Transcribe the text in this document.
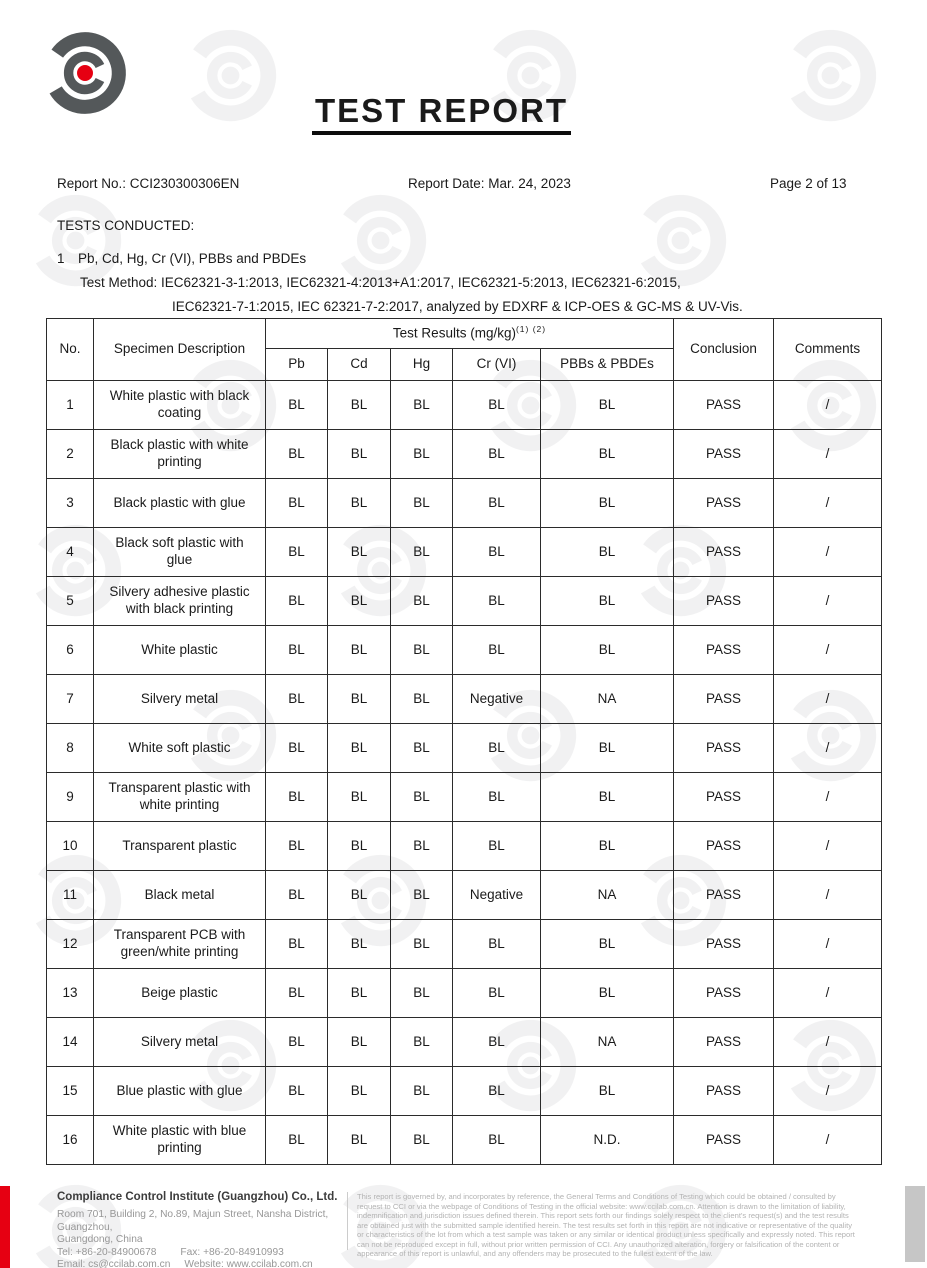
TEST REPORT
Report No.: CCI230300306EN	Report Date: Mar. 24, 2023	Page 2 of 13
TESTS CONDUCTED:
1 Pb, Cd, Hg, Cr (VI), PBBs and PBDEs
Test Method: IEC62321-3-1:2013, IEC62321-4:2013+A1:2017, IEC62321-5:2013, IEC62321-6:2015,
IEC62321-7-1:2015, IEC 62321-7-2:2017, analyzed by EDXRF & ICP-OES & GC-MS & UV-Vis.
No.	Specimen Description	Test Results $(mg/kg)^{(1) (2)}$					Conclusion	Comments
		Pb	Cd	Hg	Cr (VI)	PBBs & PBDEs		
1	White plastic with black coating	BL	BL	BL	BL	BL	PASS	/
2	Black plastic with white printing	BL	BL	BL	BL	BL	PASS	/
3	Black plastic with glue	BL	BL	BL	BL	BL	PASS	/
4	Black soft plastic with glue	BL	BL	BL	BL	BL	PASS	/
5	Silvery adhesive plastic with black printing	BL	BL	BL	BL	BL	PASS	/
6	White plastic	BL	BL	BL	BL	BL	PASS	/
7	Silvery metal	BL	BL	BL	Negative	NA	PASS	/
8	White soft plastic	BL	BL	BL	BL	BL	PASS	/
9	Transparent plastic with white printing	BL	BL	BL	BL	BL	PASS	/
10	Transparent plastic	BL	BL	BL	BL	BL	PASS	/
11	Black metal	BL	BL	BL	Negative	NA	PASS	/
12	Transparent PCB with green/white printing	BL	BL	BL	BL	BL	PASS	/
13	Beige plastic	BL	BL	BL	BL	BL	PASS	/
14	Silvery metal	BL	BL	BL	BL	NA	PASS	/
15	Blue plastic with glue	BL	BL	BL	BL	BL	PASS	/
16	White plastic with blue printing	BL	BL	BL	BL	N.D.	PASS	/
Compliance Control Institute (Guangzhou) Co., Ltd.
Room 701, Building 2, No.89, Majun Street, Nansha District, Guangzhou,
Guangdong, China
Tel: +86-20-84900678 Fax: +86-20-84910993
Email: cs@ccilab.com.cn Website: www.ccilab.com.cn
This report is governed by, and incorporates by reference, the General Terms and Conditions of Testing which could be obtained / consulted by request to CCI or via the webpage of Conditions of Testing in the official website: www.ccilab.com.cn. Attention is drawn to the limitation of liability, indemnification and jurisdiction issues defined therein. This report sets forth our findings solely respect to the client's request(s) and the test results are obtained just with the submitted sample identified herein. The test results set forth in this report are not indicative or representative of the quality or characteristics of the lot from which a test sample was taken or any similar or identical product unless specifically and expressly noted. This report can not be reproduced except in full, without prior written permission of CCI. Any unauthorized alteration, forgery or falsification of the content or appearance of this report is unlawful, and any offenders may be prosecuted to the fullest extent of the law.
